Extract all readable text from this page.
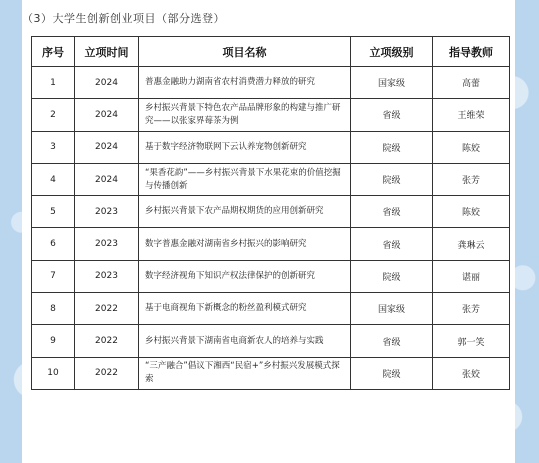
（3）大学生创新创业项目（部分选登）
序号	立项时间	项目名称	立项级别	指导教师
1	2024	普惠金融助力湖南省农村消费潜力释放的研究	国家级	高蕾
2	2024	乡村振兴背景下特色农产品品牌形象的构建与推广研究——以张家界莓茶为例	省级	王维荣
3	2024	基于数字经济物联网下云认养宠物创新研究	院级	陈姣
4	2024	“果香花韵”——乡村振兴背景下水果花束的价值挖掘与传播创新	院级	张芳
5	2023	乡村振兴背景下农产品期权期货的应用创新研究	省级	陈姣
6	2023	数字普惠金融对湖南省乡村振兴的影响研究	省级	龚琳云
7	2023	数字经济视角下知识产权法律保护的创新研究	院级	谌丽
8	2022	基于电商视角下新概念的粉丝盈利模式研究	国家级	张芳
9	2022	乡村振兴背景下湖南省电商新农人的培养与实践	省级	郭一笑
10	2022	“三产融合”倡议下湘西“民宿+”乡村振兴发展模式探索	院级	张姣
